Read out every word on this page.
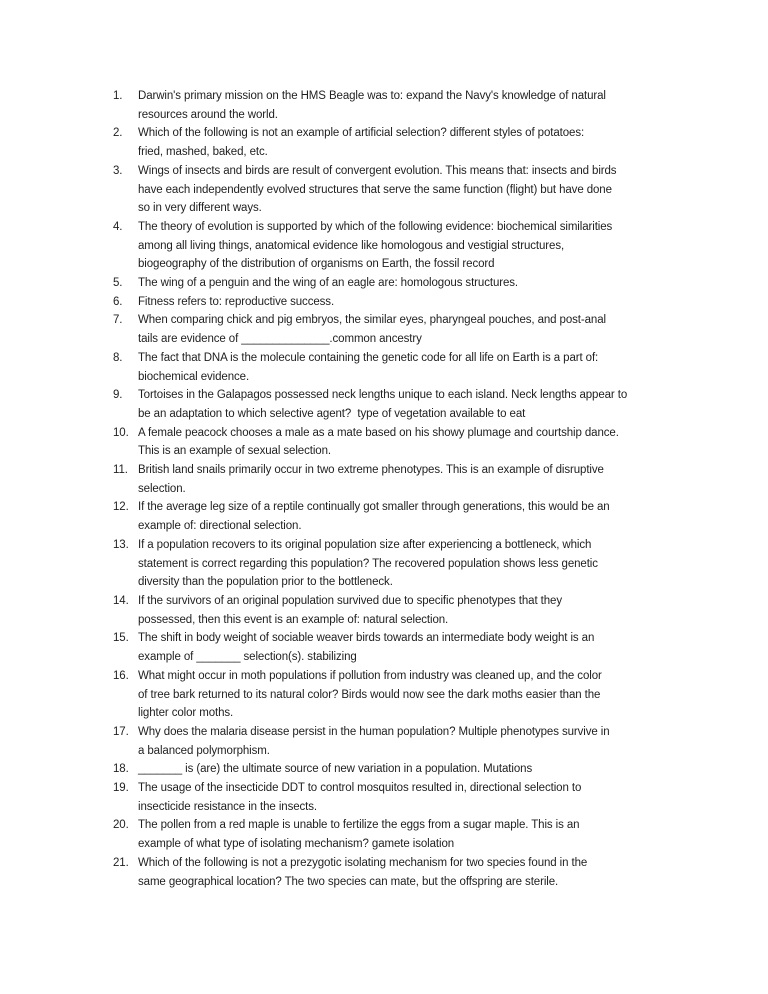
1.	Darwin's primary mission on the HMS Beagle was to: expand the Navy's knowledge of natural
resources around the world.
2.	Which of the following is not an example of artificial selection? different styles of potatoes:
fried, mashed, baked, etc.
3.	Wings of insects and birds are result of convergent evolution. This means that: insects and birds
have each independently evolved structures that serve the same function (flight) but have done
so in very different ways.
4.	The theory of evolution is supported by which of the following evidence: biochemical similarities
among all living things, anatomical evidence like homologous and vestigial structures,
biogeography of the distribution of organisms on Earth, the fossil record
5.	The wing of a penguin and the wing of an eagle are: homologous structures.
6.	Fitness refers to: reproductive success.
7.	When comparing chick and pig embryos, the similar eyes, pharyngeal pouches, and post-anal
tails are evidence of ______________.common ancestry
8.	The fact that DNA is the molecule containing the genetic code for all life on Earth is a part of:
biochemical evidence.
9.	Tortoises in the Galapagos possessed neck lengths unique to each island. Neck lengths appear to
be an adaptation to which selective agent?  type of vegetation available to eat
10. A female peacock chooses a male as a mate based on his showy plumage and courtship dance.
This is an example of sexual selection.
11. British land snails primarily occur in two extreme phenotypes. This is an example of disruptive
selection.
12. If the average leg size of a reptile continually got smaller through generations, this would be an
example of: directional selection.
13. If a population recovers to its original population size after experiencing a bottleneck, which
statement is correct regarding this population? The recovered population shows less genetic
diversity than the population prior to the bottleneck.
14. If the survivors of an original population survived due to specific phenotypes that they
possessed, then this event is an example of: natural selection.
15. The shift in body weight of sociable weaver birds towards an intermediate body weight is an
example of _______ selection(s). stabilizing
16. What might occur in moth populations if pollution from industry was cleaned up, and the color
of tree bark returned to its natural color? Birds would now see the dark moths easier than the
lighter color moths.
17. Why does the malaria disease persist in the human population? Multiple phenotypes survive in
a balanced polymorphism.
18. _______ is (are) the ultimate source of new variation in a population. Mutations
19. The usage of the insecticide DDT to control mosquitos resulted in, directional selection to
insecticide resistance in the insects.
20. The pollen from a red maple is unable to fertilize the eggs from a sugar maple. This is an
example of what type of isolating mechanism? gamete isolation
21. Which of the following is not a prezygotic isolating mechanism for two species found in the
same geographical location? The two species can mate, but the offspring are sterile.
